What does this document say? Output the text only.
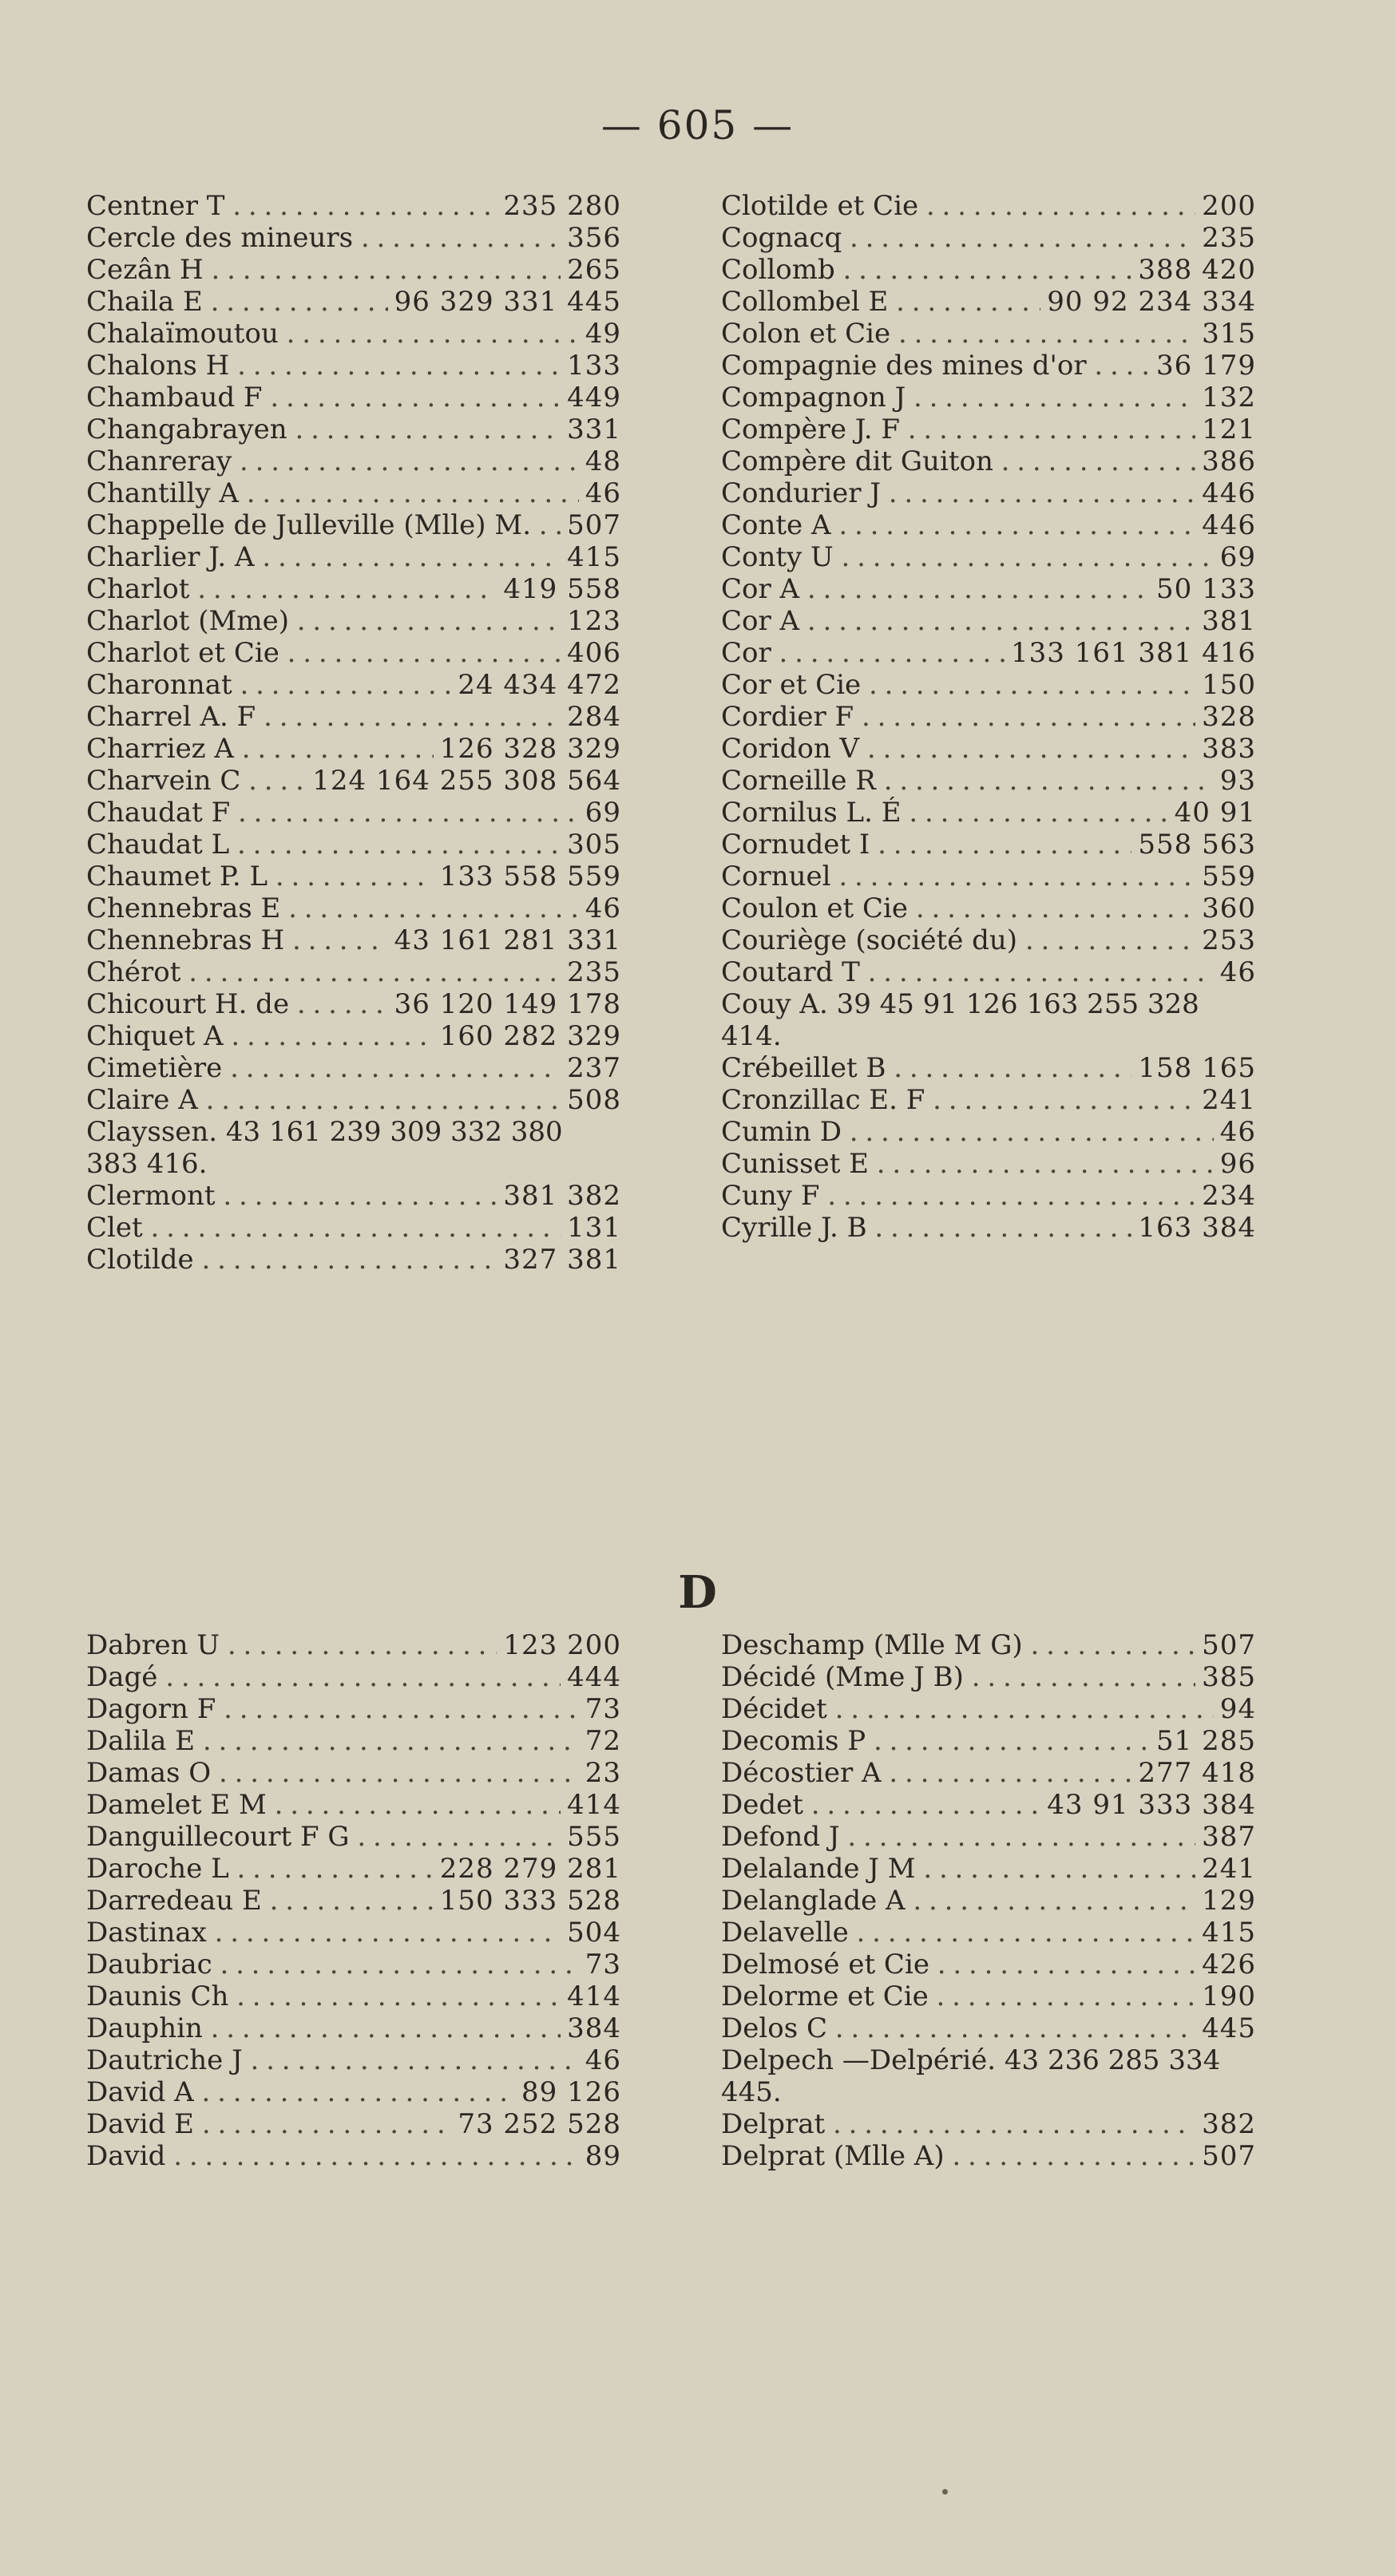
— 605 —
Centner T . . .	235 280
Cercle des mineurs . . .	356
Cezân H . . .	265
Chaila E . . .	96 329 331 445
Chalaïmoutou . . .	49
Chalons H . . .	133
Chambaud F . . .	449
Changabrayen . . .	331
Chanreray . . .	48
Chantilly A . . .	46
Chappelle de Julleville (Mlle) M. . . .	507
Charlier J. A . . .	415
Charlot . . .	419 558
Charlot (Mme) . . .	123
Charlot et Cie . . .	406
Charonnat . . .	24 434 472
Charrel A. F . . .	284
Charriez A . . .	126 328 329
Charvein C . . .	124 164 255 308 564
Chaudat F . . .	69
Chaudat L . . .	305
Chaumet P. L . . .	133 558 559
Chennebras E . . .	46
Chennebras H . . .	43 161 281 331
Chérot . . .	235
Chicourt H. de . . .	36 120 149 178
Chiquet A . . .	160 282 329
Cimetière . . .	237
Claire A . . .	508
Clayssen. 43 161 239 309 332 380 383 416.
Clermont . . .	381 382
Clet . . .	131
Clotilde . . .	327 381
Clotilde et Cie . . .	200
Cognacq . . .	235
Collomb . . .	388 420
Collombel E . . .	90 92 234 334
Colon et Cie . . .	315
Compagnie des mines d'or . . .	36 179
Compagnon J . . .	132
Compère J. F . . .	121
Compère dit Guiton . . .	386
Condurier J . . .	446
Conte A . . .	446
Conty U . . .	69
Cor A . . .	50 133
Cor A . . .	381
Cor . . .	133 161 381 416
Cor et Cie . . .	150
Cordier F . . .	328
Coridon V . . .	383
Corneille R . . .	93
Cornilus L. É . . .	40 91
Cornudet I . . .	558 563
Cornuel . . .	559
Coulon et Cie . . .	360
Couriège (société du) . . .	253
Coutard T . . .	46
Couy A. 39 45 91 126 163 255 328 414.
Crébeillet B . . .	158 165
Cronzillac E. F . . .	241
Cumin D . . .	46
Cunisset E . . .	96
Cuny F . . .	234
Cyrille J. B . . .	163 384
D
Dabren U . . .	123 200
Dagé . . .	444
Dagorn F . . .	73
Dalila E . . .	72
Damas O . . .	23
Damelet E M . . .	414
Danguillecourt F G . . .	555
Daroche L . . .	228 279 281
Darredeau E . . .	150 333 528
Dastinax . . .	504
Daubriac . . .	73
Daunis Ch . . .	414
Dauphin . . .	384
Dautriche J . . .	46
David A . . .	89 126
David E . . .	73 252 528
David . . .	89
Deschamp (Mlle M G) . . .	507
Décidé (Mme J B) . . .	385
Décidet . . .	94
Decomis P . . .	51 285
Décostier A . . .	277 418
Dedet . . .	43 91 333 384
Defond J . . .	387
Delalande J M . . .	241
Delanglade A . . .	129
Delavelle . . .	415
Delmosé et Cie . . .	426
Delorme et Cie . . .	190
Delos C . . .	445
Delpech —Delpérié. 43 236 285 334 445.
Delprat . . .	382
Delprat (Mlle A) . . .	507
